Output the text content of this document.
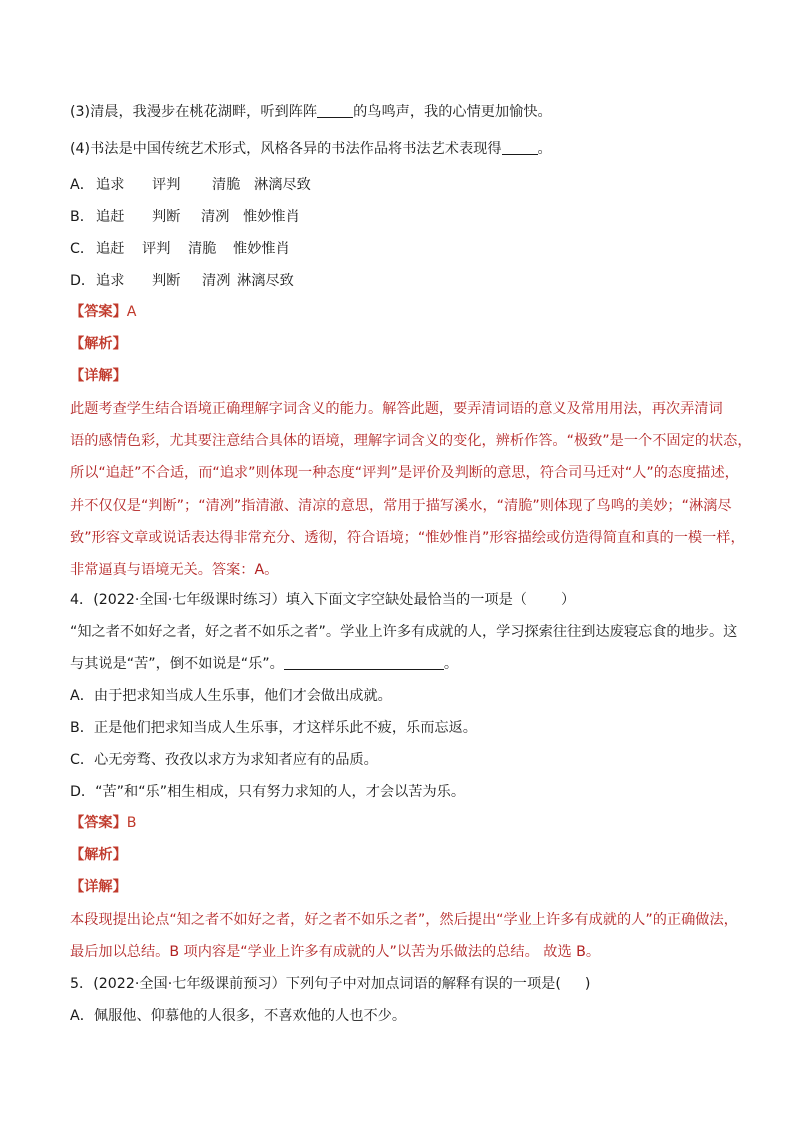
(3)清晨，我漫步在桃花湖畔，听到阵阵	的鸟鸣声，我的心情更加愉快。
(4)书法是中国传统艺术形式，风格各异的书法作品将书法艺术表现得	。
A． 追求 评判 清脆 淋漓尽致
B． 追赶 判断 清冽 惟妙惟肖
C． 追赶 评判 清脆 惟妙惟肖
D．追求 判断 清冽 淋漓尽致
【答案】A
【解析】
【详解】
此题考查学生结合语境正确理解字词含义的能力。解答此题，要弄清词语的意义及常用用法，再次弄清词
语的感情色彩，尤其要注意结合具体的语境，理解字词含义的变化，辨析作答。“极致”是一个不固定的状态，
所以“追赶”不合适，而“追求”则体现一种态度“评判”是评价及判断的意思，符合司马迁对“人”的态度描述，
并不仅仅是“判断”；“清冽”指清澈、清凉的意思，常用于描写溪水，“清脆”则体现了鸟鸣的美妙；“淋漓尽
致”形容文章或说话表达得非常充分、透彻，符合语境；“惟妙惟肖”形容描绘或仿造得简直和真的一模一样，
非常逼真与语境无关。答案：A。
4．(2022·全国·七年级课时练习）填入下面文字空缺处最恰当的一项是（ ）
“知之者不如好之者，好之者不如乐之者”。学业上许多有成就的人，学习探索往往到达废寝忘食的地步。这
与其说是“苦”，倒不如说是“乐”。	。
A．由于把求知当成人生乐事，他们才会做出成就。
B．正是他们把求知当成人生乐事，才这样乐此不疲，乐而忘返。
C．心无旁骛、孜孜以求方为求知者应有的品质。
D．“苦”和“乐”相生相成，只有努力求知的人，才会以苦为乐。
【答案】B
【解析】
【详解】
本段现提出论点“知之者不如好之者，好之者不如乐之者”，然后提出“学业上许多有成就的人”的正确做法，
最后加以总结。B 项内容是“学业上许多有成就的人”以苦为乐做法的总结。 故选 B。
5．(2022·全国·七年级课前预习）下列句子中对加点词语的解释有误的一项是( )
A．佩服他、仰慕他的人很多，不喜欢他的人也不少。
